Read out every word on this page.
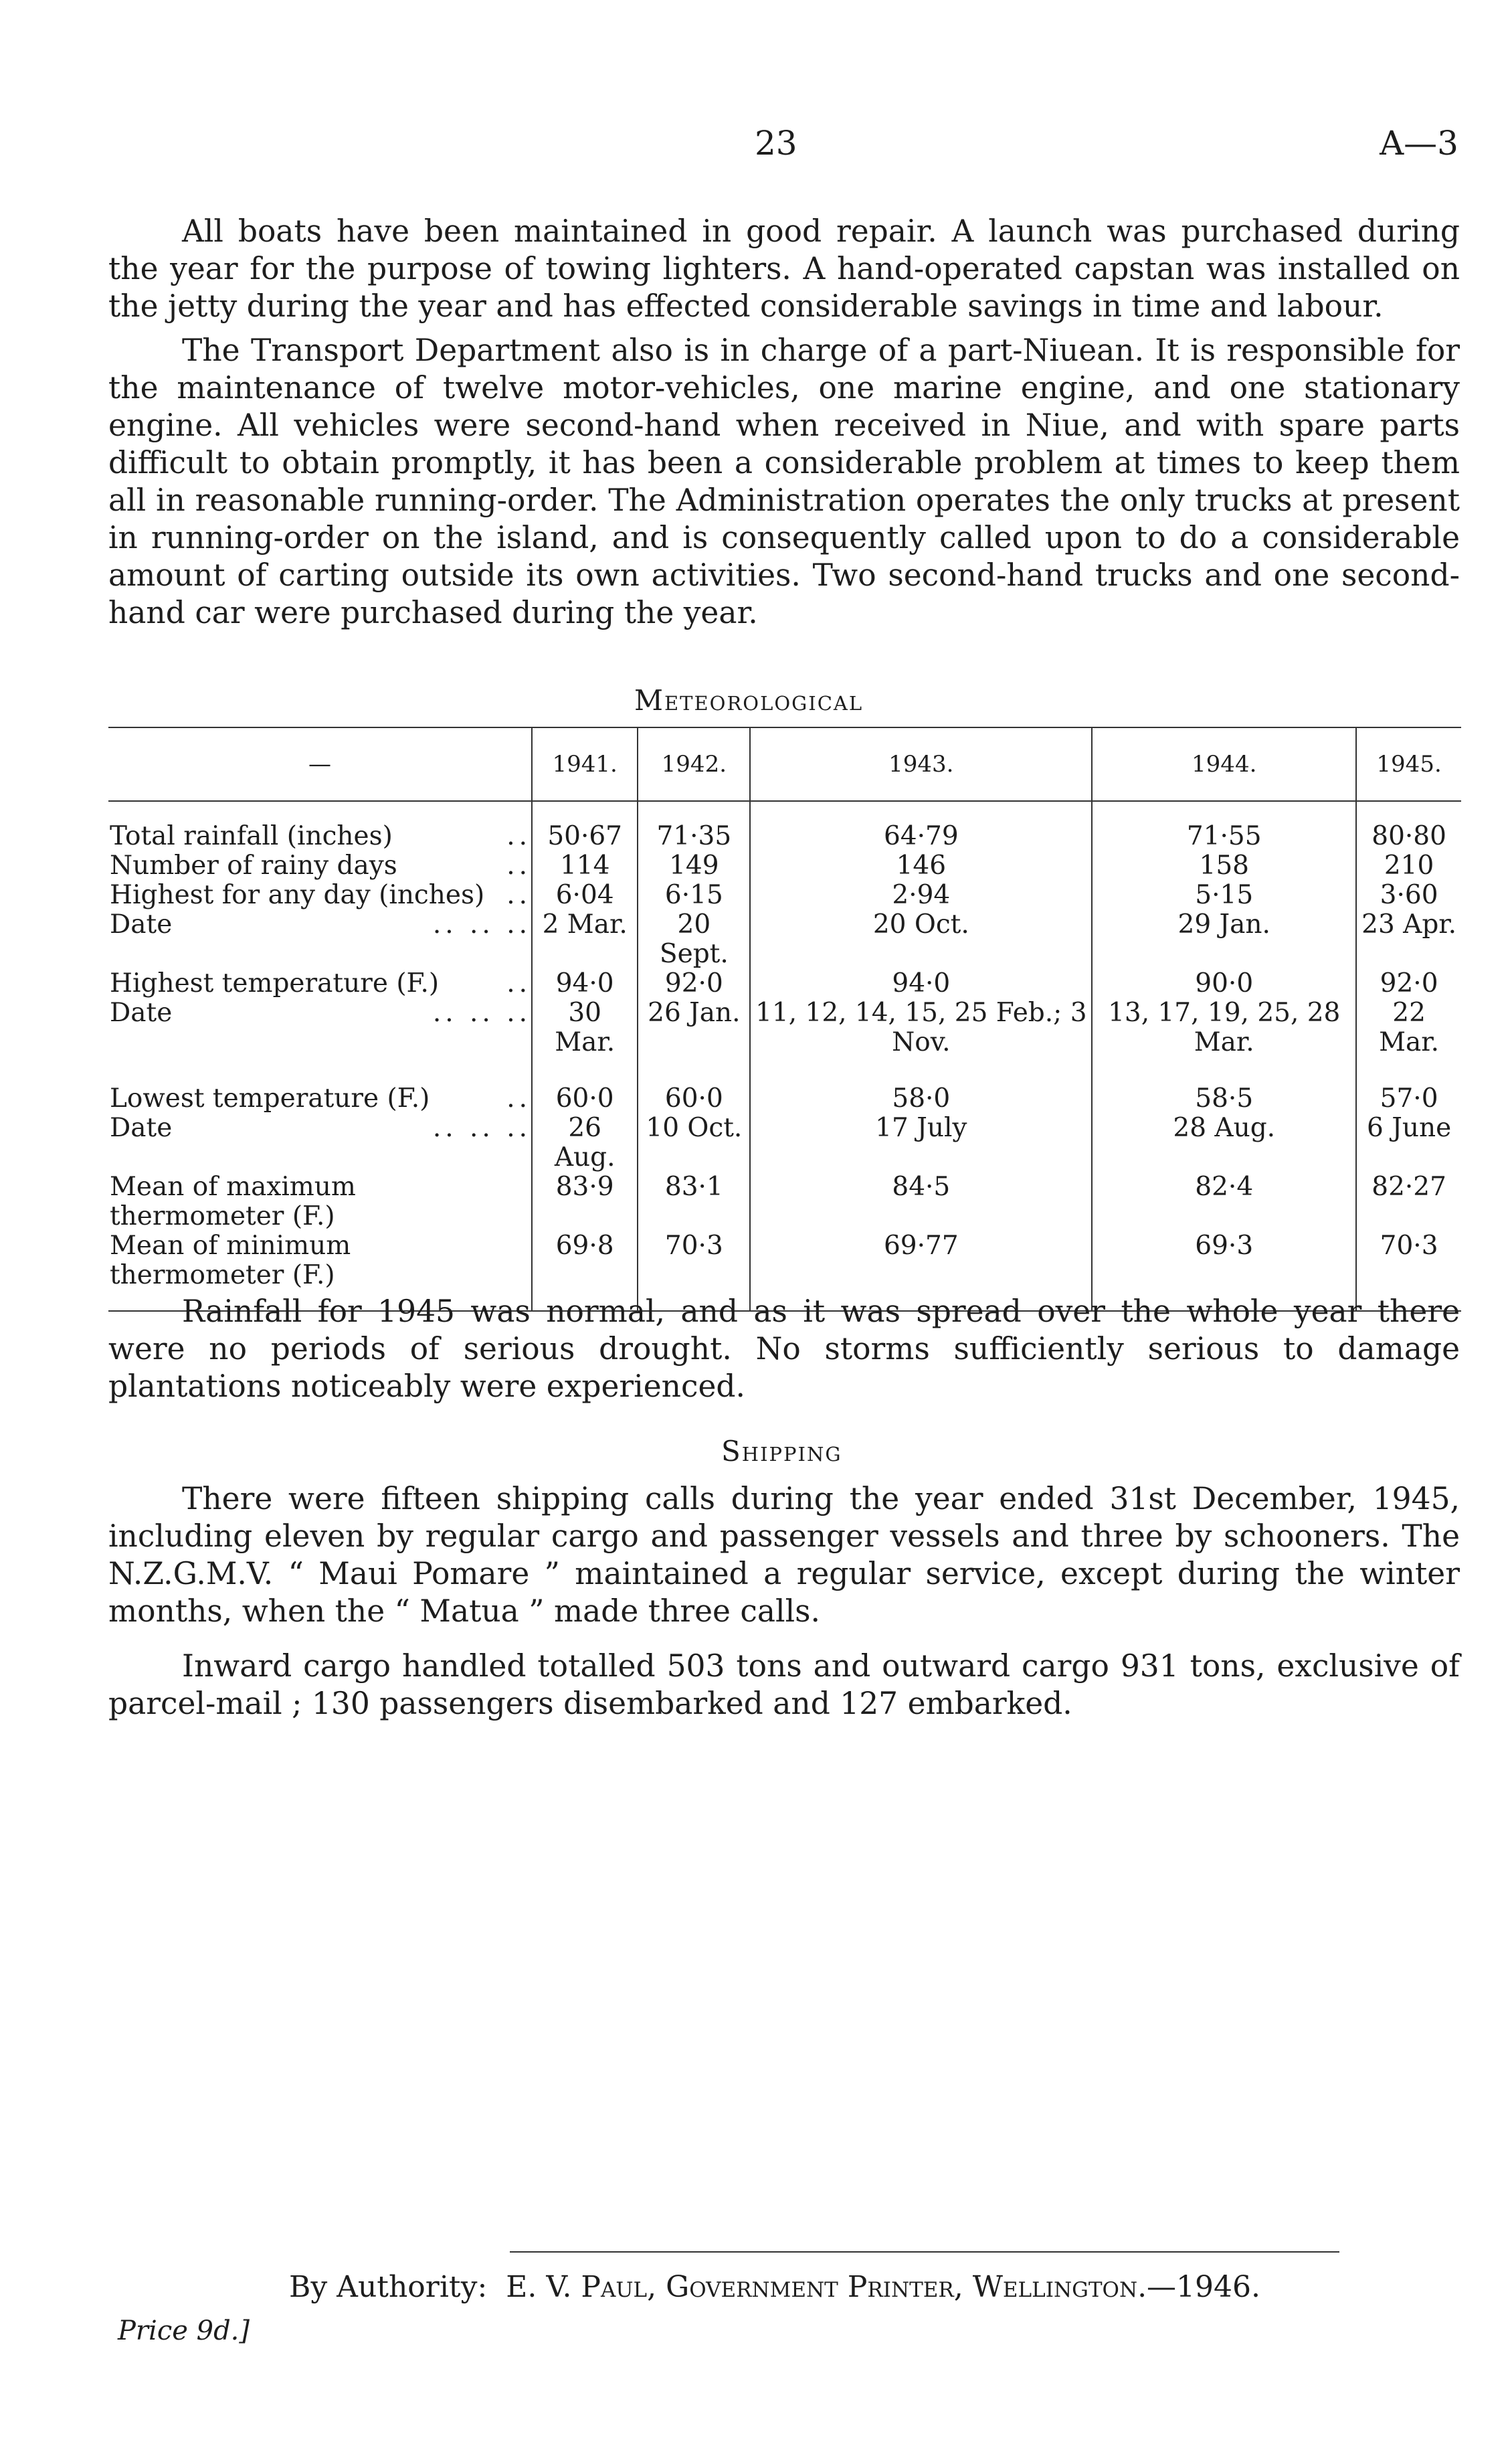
23	A—3

All boats have been maintained in good repair. A launch was purchased during the year for the purpose of towing lighters. A hand-operated capstan was installed on the jetty during the year and has effected considerable savings in time and labour.

The Transport Department also is in charge of a part-Niuean. It is responsible for the maintenance of twelve motor-vehicles, one marine engine, and one stationary engine. All vehicles were second-hand when received in Niue, and with spare parts difficult to obtain promptly, it has been a considerable problem at times to keep them all in reasonable running-order. The Administration operates the only trucks at present in running-order on the island, and is consequently called upon to do a considerable amount of carting outside its own activities. Two second-hand trucks and one second-hand car were purchased during the year.

Meteorological
—	1941.	1942.	1943.	1944.	1945.

Total rainfall (inches) ..	50·67	71·35	64·79	71·55	80·80
Number of rainy days ..	114	149	146	158	210
Highest for any day (inches) ..	6·04	6·15	2·94	5·15	3·60
Date .. .. ..	2 Mar.	20 Sept.	20 Oct.	29 Jan.	23 Apr.
Highest temperature (F.) ..	94·0	92·0	94·0	90·0	92·0
Date .. .. ..	30 Mar.	26 Jan.	11, 12, 14, 15, 25 Feb.; 3 Nov.	13, 17, 19, 25, 28 Mar.	22 Mar.

Lowest temperature (F.) ..	60·0	60·0	58·0	58·5	57·0
Date .. .. ..	26 Aug.	10 Oct.	17 July	28 Aug.	6 June
Mean of maximum thermometer (F.)	83·9	83·1	84·5	82·4	82·27
Mean of minimum thermometer (F.)	69·8	70·3	69·77	69·3	70·3

Rainfall for 1945 was normal, and as it was spread over the whole year there were no periods of serious drought. No storms sufficiently serious to damage plantations noticeably were experienced.

Shipping

There were fifteen shipping calls during the year ended 31st December, 1945, including eleven by regular cargo and passenger vessels and three by schooners. The N.Z.G.M.V. “ Maui Pomare ” maintained a regular service, except during the winter months, when the “ Matua ” made three calls.

Inward cargo handled totalled 503 tons and outward cargo 931 tons, exclusive of parcel-mail ; 130 passengers disembarked and 127 embarked.

By Authority: E. V. Paul, Government Printer, Wellington.—1946.
Price 9d.]
